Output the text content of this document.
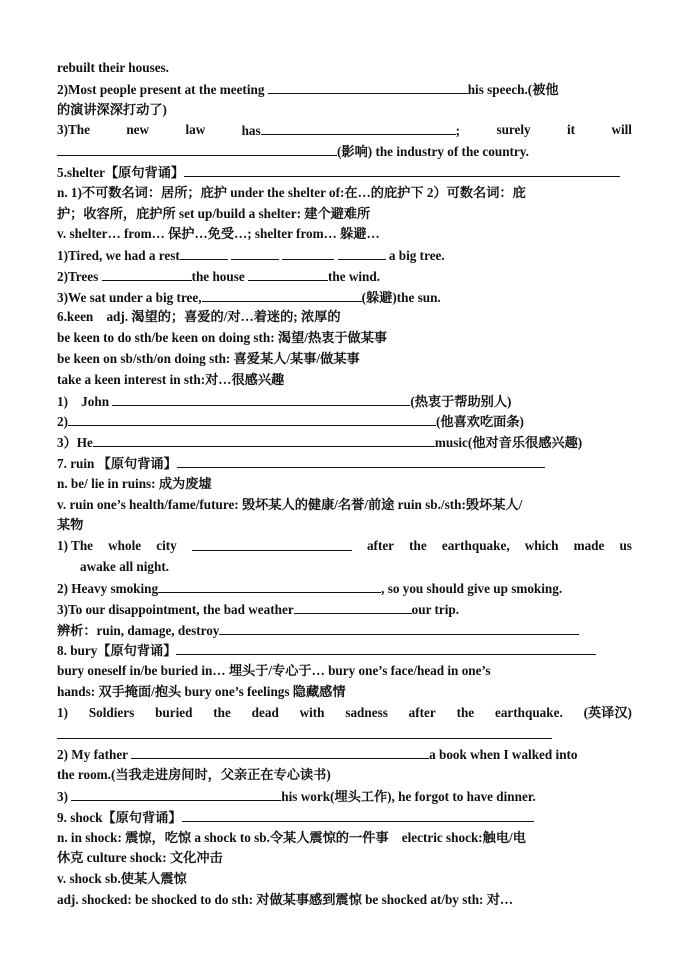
rebuilt their houses.
2)Most people present at the meeting	his speech.(被他
的演讲深深打动了)
3)The	new	law	has	;	surely	it	will
(影响) the industry of the country.
5.shelter【原句背诵】
n. 1)不可数名词：居所；庇护 under the shelter of:在…的庇护下 2）可数名词：庇
护；收容所，庇护所 set up/build a shelter: 建个避难所
v. shelter… from… 保护…免受…; shelter from… 躲避…
1)Tired, we had a rest	a big tree.
2)Trees	the house	the wind.
3)We sat under a big tree,	(躲避)the sun.
6.keen　adj. 渴望的；喜爱的/对…着迷的; 浓厚的
be keen to do sth/be keen on doing sth: 渴望/热衷于做某事
be keen on sb/sth/on doing sth: 喜爱某人/某事/做某事
take a keen interest in sth:对…很感兴趣
1)　John	(热衷于帮助别人)
2)	(他喜欢吃面条)
3）He	music(他对音乐很感兴趣)
7. ruin 【原句背诵】
n. be/ lie in ruins: 成为废墟
v. ruin one’s health/fame/future: 毁坏某人的健康/名誉/前途 ruin sb./sth:毁坏某人/
某物
1) The whole city	after the earthquake, which made us
awake all night.
2) Heavy smoking	, so you should give up smoking.
3)To our disappointment, the bad weather	our trip.
辨析：ruin, damage, destroy
8. bury【原句背诵】
bury oneself in/be buried in… 埋头于/专心于… bury one’s face/head in one’s
hands: 双手掩面/抱头 bury one’s feelings 隐藏感情
1) Soldiers buried the dead with sadness after the earthquake. (英译汉)
2) My father	a book when I walked into
the room.(当我走进房间时，父亲正在专心读书)
3)	his work(埋头工作), he forgot to have dinner.
9. shock【原句背诵】
n. in shock: 震惊，吃惊 a shock to sb.令某人震惊的一件事　electric shock:触电/电
休克 culture shock: 文化冲击
v. shock sb.使某人震惊
adj. shocked: be shocked to do sth: 对做某事感到震惊 be shocked at/by sth: 对…
